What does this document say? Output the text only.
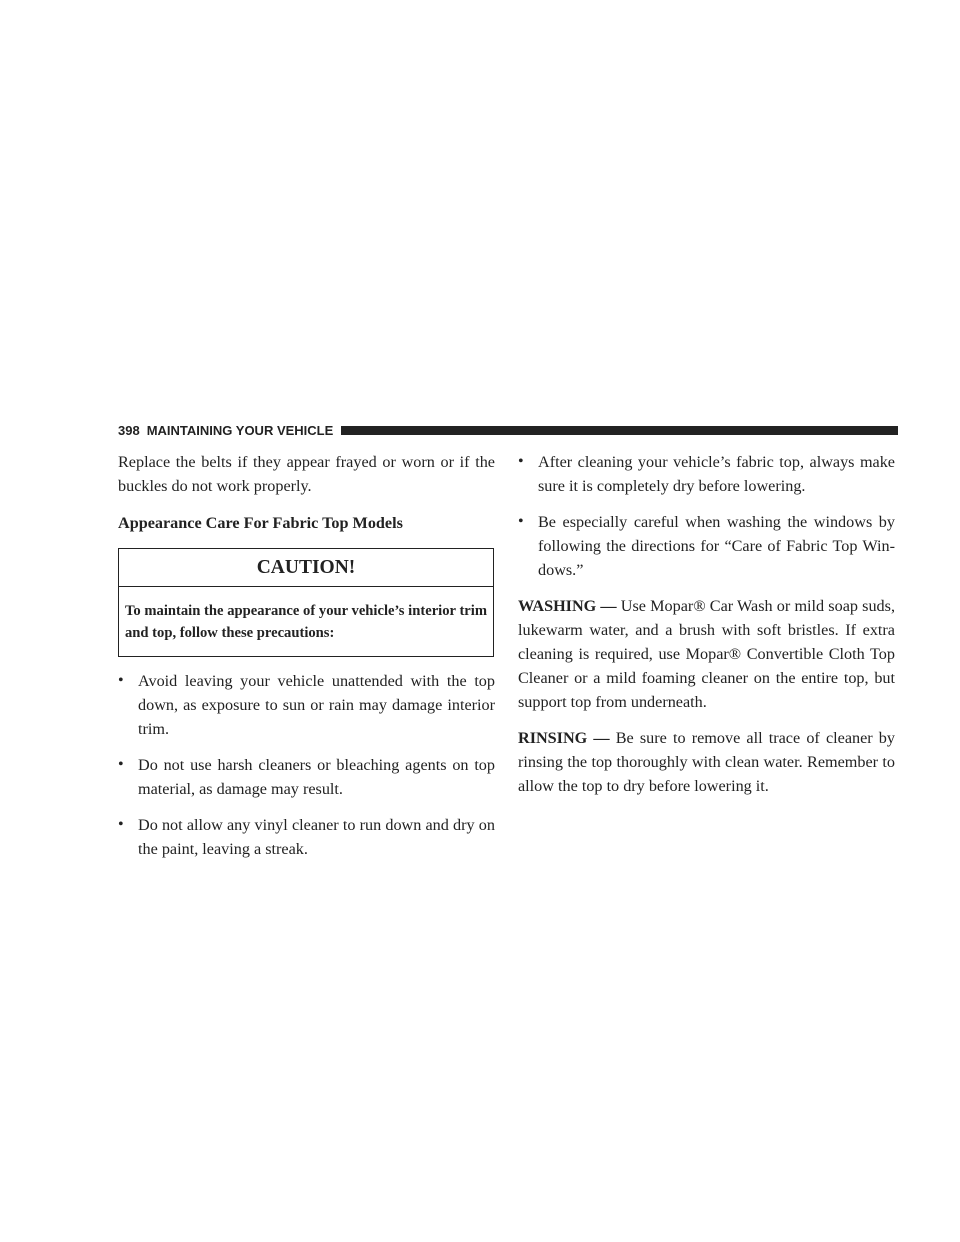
398 MAINTAINING YOUR VEHICLE

Replace the belts if they appear frayed or worn or if the buckles do not work properly.

Appearance Care For Fabric Top Models

CAUTION!
To maintain the appearance of your vehicle’s interior trim and top, follow these precautions:
• Avoid leaving your vehicle unattended with the top down, as exposure to sun or rain may damage interior trim.
• Do not use harsh cleaners or bleaching agents on top material, as damage may result.
• Do not allow any vinyl cleaner to run down and dry on the paint, leaving a streak.
• After cleaning your vehicle’s fabric top, always make sure it is completely dry before lowering.
• Be especially careful when washing the windows by following the directions for “Care of Fabric Top Win-dows.”

WASHING — Use Mopar® Car Wash or mild soap suds, lukewarm water, and a brush with soft bristles. If extra cleaning is required, use Mopar® Convertible Cloth Top Cleaner or a mild foaming cleaner on the entire top, but support top from underneath.

RINSING — Be sure to remove all trace of cleaner by rinsing the top thoroughly with clean water. Remember to allow the top to dry before lowering it.
